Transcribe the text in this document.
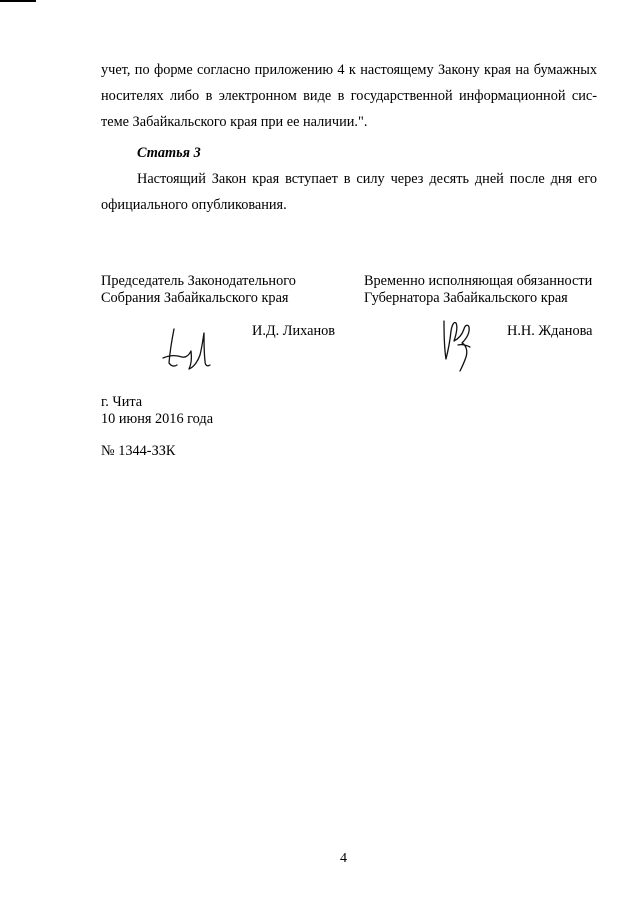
учет, по форме согласно приложению 4 к настоящему Закону края на бумажных
носителях либо в электронном виде в государственной информационной сис-
теме Забайкальского края при ее наличии.".
Статья 3
Настоящий Закон края вступает в силу через десять дней после дня его
официального опубликования.
Председатель Законодательного
Собрания Забайкальского края
И.Д. Лиханов
Временно исполняющая обязанности
Губернатора Забайкальского края
Н.Н. Жданова
г. Чита
10 июня 2016 года
№ 1344-ЗЗК
4
